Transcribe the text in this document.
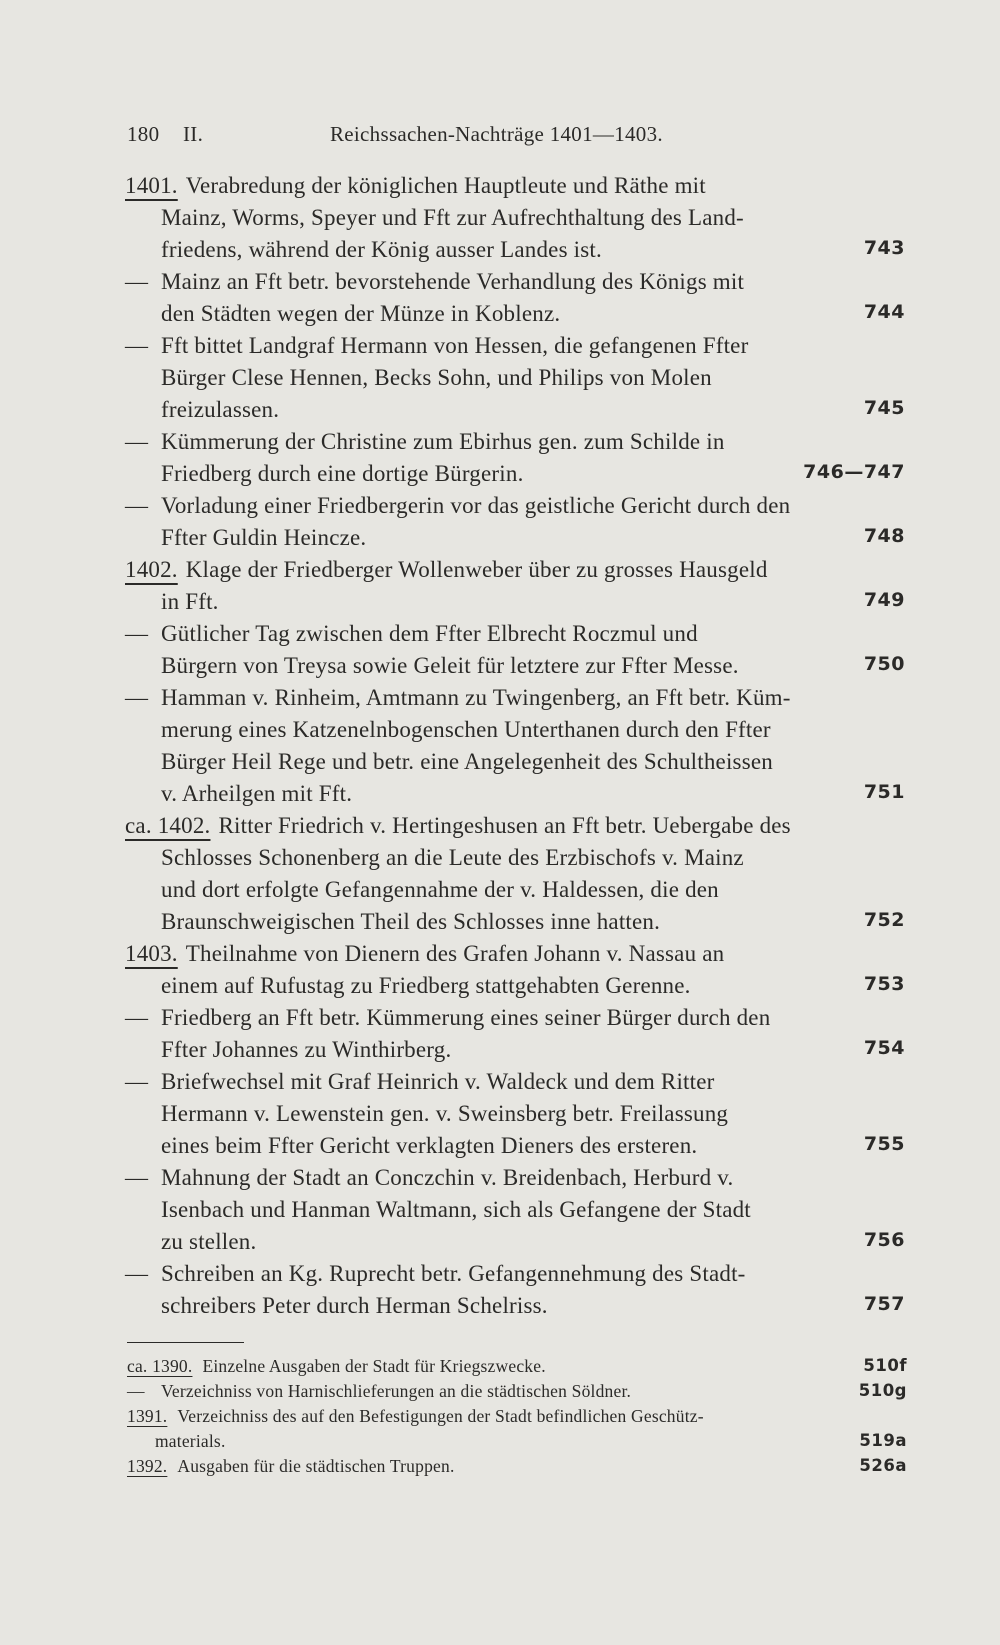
180 II.	Reichssachen-Nachträge 1401—1403.
1401. Verabredung der königlichen Hauptleute und Räthe mit
Mainz, Worms, Speyer und Fft zur Aufrechthaltung des Land-
friedens, während der König ausser Landes ist.	743
— Mainz an Fft betr. bevorstehende Verhandlung des Königs mit
den Städten wegen der Münze in Koblenz.	744
— Fft bittet Landgraf Hermann von Hessen, die gefangenen Ffter
Bürger Clese Hennen, Becks Sohn, und Philips von Molen
freizulassen.	745
— Kümmerung der Christine zum Ebirhus gen. zum Schilde in
Friedberg durch eine dortige Bürgerin.	746—747
— Vorladung einer Friedbergerin vor das geistliche Gericht durch den
Ffter Guldin Heincze.	748
1402. Klage der Friedberger Wollenweber über zu grosses Hausgeld
in Fft.	749
— Gütlicher Tag zwischen dem Ffter Elbrecht Roczmul und
Bürgern von Treysa sowie Geleit für letztere zur Ffter Messe.	750
— Hamman v. Rinheim, Amtmann zu Twingenberg, an Fft betr. Küm-
merung eines Katzenelnbogenschen Unterthanen durch den Ffter
Bürger Heil Rege und betr. eine Angelegenheit des Schultheissen
v. Arheilgen mit Fft.	751
ca. 1402. Ritter Friedrich v. Hertingeshusen an Fft betr. Uebergabe des
Schlosses Schonenberg an die Leute des Erzbischofs v. Mainz
und dort erfolgte Gefangennahme der v. Haldessen, die den
Braunschweigischen Theil des Schlosses inne hatten.	752
1403. Theilnahme von Dienern des Grafen Johann v. Nassau an
einem auf Rufustag zu Friedberg stattgehabten Gerenne.	753
— Friedberg an Fft betr. Kümmerung eines seiner Bürger durch den
Ffter Johannes zu Winthirberg.	754
— Briefwechsel mit Graf Heinrich v. Waldeck und dem Ritter
Hermann v. Lewenstein gen. v. Sweinsberg betr. Freilassung
eines beim Ffter Gericht verklagten Dieners des ersteren.	755
— Mahnung der Stadt an Conczchin v. Breidenbach, Herburd v.
Isenbach und Hanman Waltmann, sich als Gefangene der Stadt
zu stellen.	756
— Schreiben an Kg. Ruprecht betr. Gefangennehmung des Stadt-
schreibers Peter durch Herman Schelriss.	757
ca. 1390. Einzelne Ausgaben der Stadt für Kriegszwecke.	510f
— Verzeichniss von Harnischlieferungen an die städtischen Söldner.	510g
1391. Verzeichniss des auf den Befestigungen der Stadt befindlichen Geschütz-
materials.	519a
1392. Ausgaben für die städtischen Truppen.	526a
